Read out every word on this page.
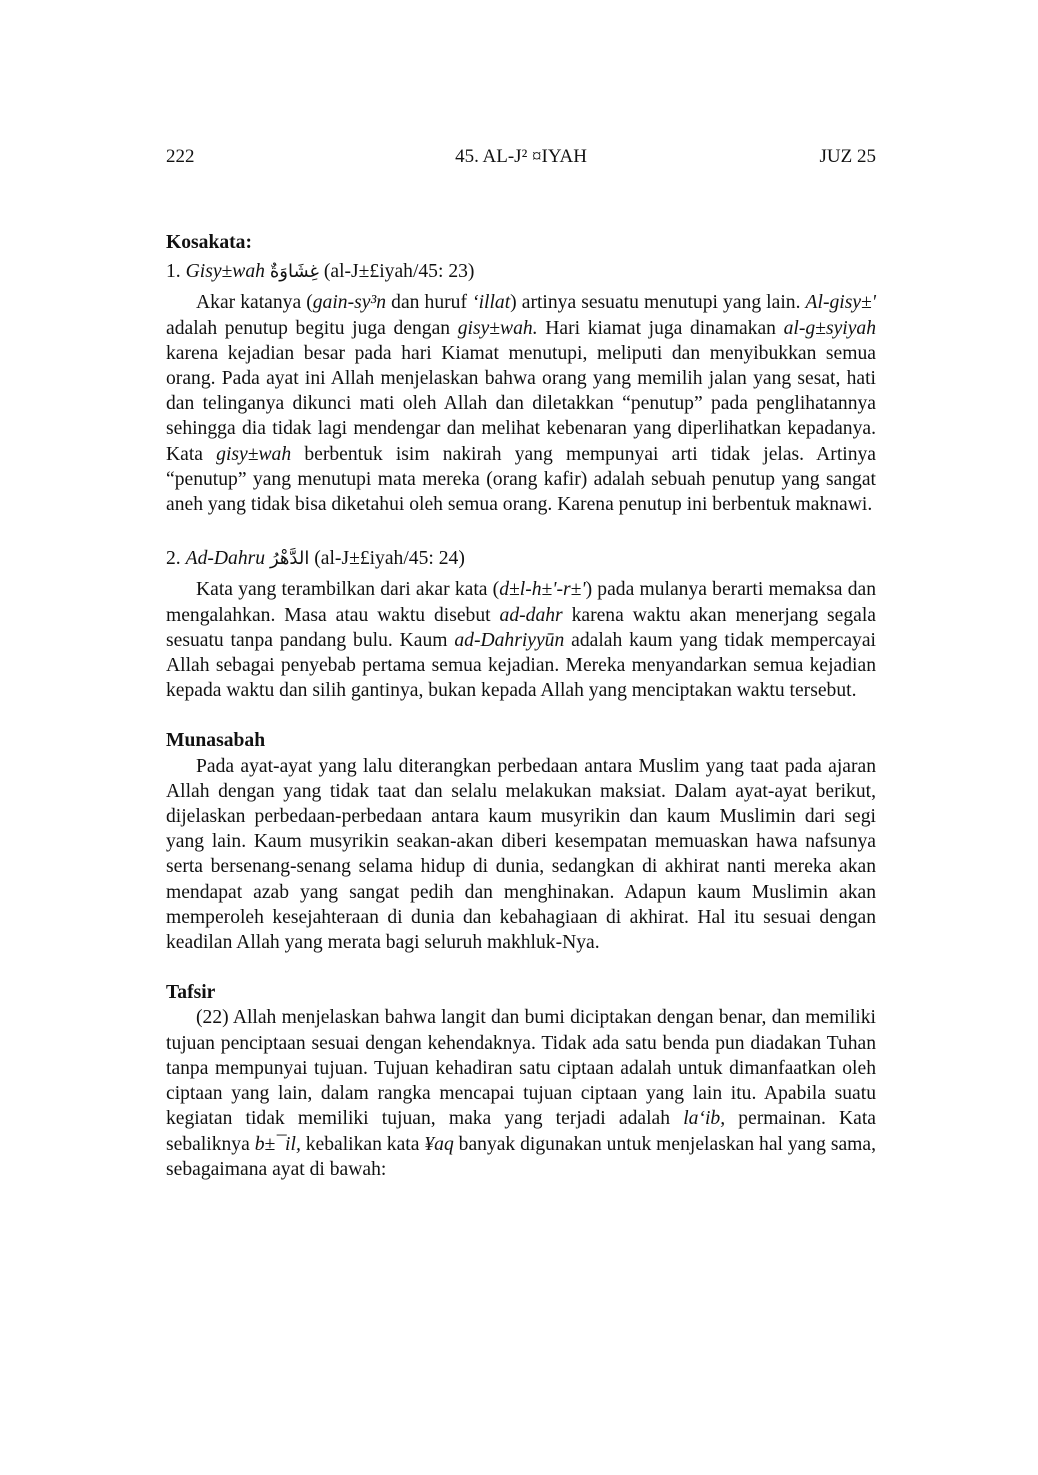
222	45. AL-J² ¤IYAH	JUZ 25
Kosakata:
1. Gisy±wah غِشَاوَةٌ (al-J±£iyah/45: 23)

Akar katanya (gain-sy³n dan huruf ‘illat) artinya sesuatu menutupi yang lain. Al-gisy±' adalah penutup begitu juga dengan gisy±wah. Hari kiamat juga dinamakan al-g±syiyah karena kejadian besar pada hari Kiamat menutupi, meliputi dan menyibukkan semua orang. Pada ayat ini Allah menjelaskan bahwa orang yang memilih jalan yang sesat, hati dan telinganya dikunci mati oleh Allah dan diletakkan “penutup” pada penglihatannya sehingga dia tidak lagi mendengar dan melihat kebenaran yang diperlihatkan kepadanya. Kata gisy±wah berbentuk isim nakirah yang mempunyai arti tidak jelas. Artinya “penutup” yang menutupi mata mereka (orang kafir) adalah sebuah penutup yang sangat aneh yang tidak bisa diketahui oleh semua orang. Karena penutup ini berbentuk maknawi.

2. Ad-Dahru الدَّهْرُ (al-J±£iyah/45: 24)

Kata yang terambilkan dari akar kata (d±l-h±'-r±') pada mulanya berarti memaksa dan mengalahkan. Masa atau waktu disebut ad-dahr karena waktu akan menerjang segala sesuatu tanpa pandang bulu. Kaum ad-Dahriyyūn adalah kaum yang tidak mempercayai Allah sebagai penyebab pertama semua kejadian. Mereka menyandarkan semua kejadian kepada waktu dan silih gantinya, bukan kepada Allah yang menciptakan waktu tersebut.

Munasabah

Pada ayat-ayat yang lalu diterangkan perbedaan antara Muslim yang taat pada ajaran Allah dengan yang tidak taat dan selalu melakukan maksiat. Dalam ayat-ayat berikut, dijelaskan perbedaan-perbedaan antara kaum musyrikin dan kaum Muslimin dari segi yang lain. Kaum musyrikin seakan-akan diberi kesempatan memuaskan hawa nafsunya serta bersenang-senang selama hidup di dunia, sedangkan di akhirat nanti mereka akan mendapat azab yang sangat pedih dan menghinakan. Adapun kaum Muslimin akan memperoleh kesejahteraan di dunia dan kebahagiaan di akhirat. Hal itu sesuai dengan keadilan Allah yang merata bagi seluruh makhluk-Nya.

Tafsir

(22) Allah menjelaskan bahwa langit dan bumi diciptakan dengan benar, dan memiliki tujuan penciptaan sesuai dengan kehendaknya. Tidak ada satu benda pun diadakan Tuhan tanpa mempunyai tujuan. Tujuan kehadiran satu ciptaan adalah untuk dimanfaatkan oleh ciptaan yang lain, dalam rangka mencapai tujuan ciptaan yang lain itu. Apabila suatu kegiatan tidak memiliki tujuan, maka yang terjadi adalah la‘ib, permainan. Kata sebaliknya b±¯il, kebalikan kata ¥aq banyak digunakan untuk menjelaskan hal yang sama, sebagaimana ayat di bawah:
